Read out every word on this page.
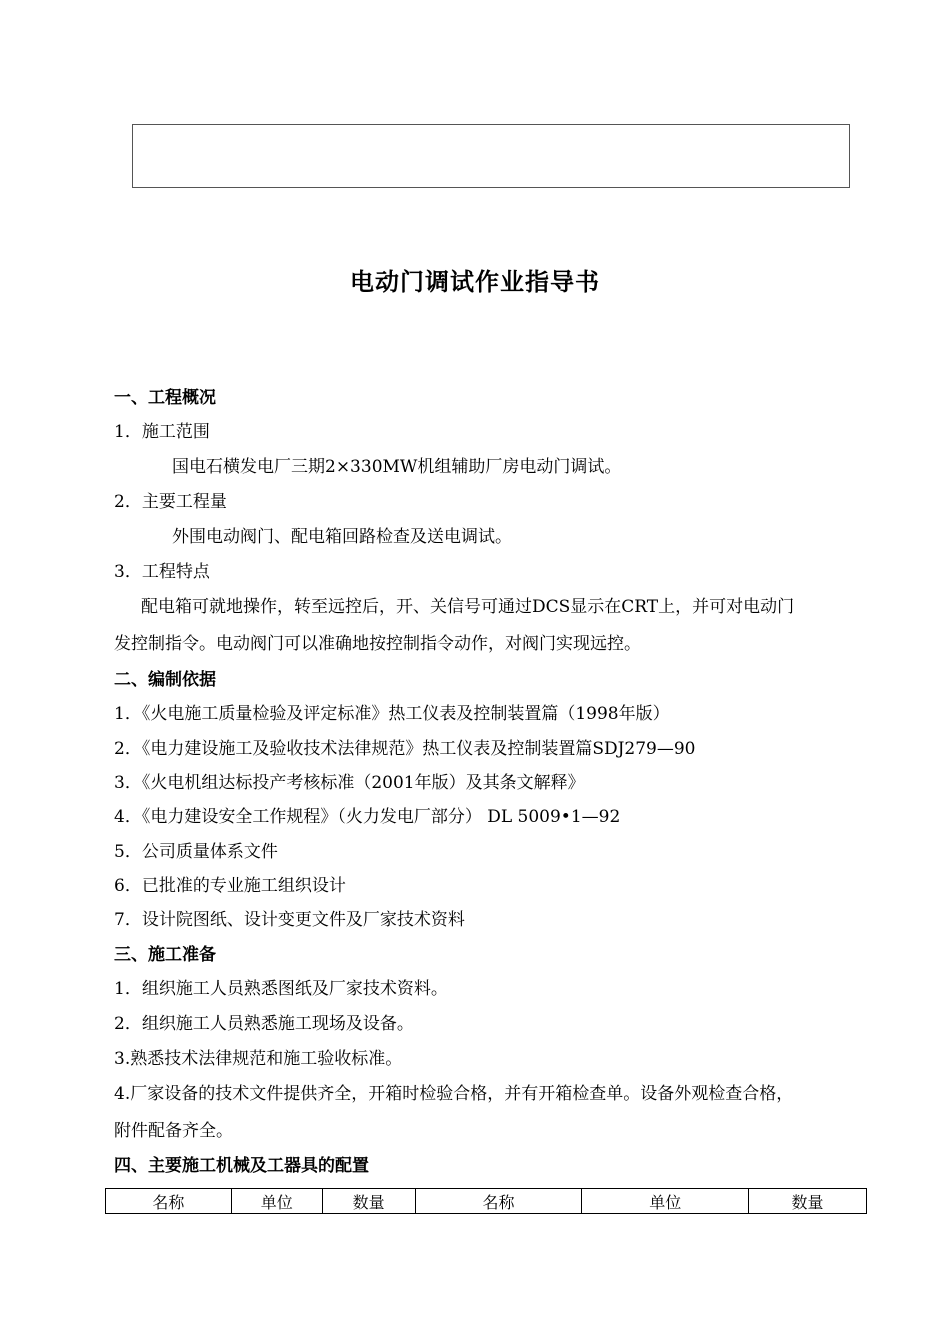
电动门调试作业指导书
一、工程概况
1．施工范围
国电石横发电厂三期2×330MW机组辅助厂房电动门调试。
2．主要工程量
外围电动阀门、配电箱回路检查及送电调试。
3．工程特点
配电箱可就地操作，转至远控后，开、关信号可通过DCS显示在CRT上，并可对电动门
发控制指令。电动阀门可以准确地按控制指令动作，对阀门实现远控。
二、编制依据
1．《火电施工质量检验及评定标准》热工仪表及控制装置篇（1998年版）
2．《电力建设施工及验收技术法律规范》热工仪表及控制装置篇SDJ279—90
3．《火电机组达标投产考核标准（2001年版）及其条文解释》
4．《电力建设安全工作规程》（火力发电厂部分） DL 5009•1—92
5．公司质量体系文件
6．已批准的专业施工组织设计
7．设计院图纸、设计变更文件及厂家技术资料
三、施工准备
1．组织施工人员熟悉图纸及厂家技术资料。
2．组织施工人员熟悉施工现场及设备。
3.熟悉技术法律规范和施工验收标准。
4.厂家设备的技术文件提供齐全，开箱时检验合格，并有开箱检查单。设备外观检查合格，
附件配备齐全。
四、主要施工机械及工器具的配置
名称	单位	数量	名称	单位	数量
